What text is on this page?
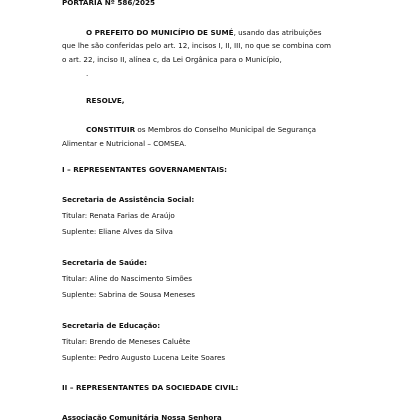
PORTARIA Nº 586/2025
O PREFEITO DO MUNICÍPIO DE SUMÉ, usando das atribuições
que lhe são conferidas pelo art. 12, incisos I, II, III, no que se combina com
o art. 22, inciso II, alínea c, da Lei Orgânica para o Município,
.
RESOLVE,
CONSTITUIR os Membros do Conselho Municipal de Segurança
Alimentar e Nutricional – COMSEA.
I – REPRESENTANTES GOVERNAMENTAIS:
Secretaria de Assistência Social:
Titular: Renata Farias de Araújo
Suplente: Eliane Alves da Silva
Secretaria de Saúde:
Titular: Aline do Nascimento Simões
Suplente: Sabrina de Sousa Meneses
Secretaria de Educação:
Titular: Brendo de Meneses Caluête
Suplente: Pedro Augusto Lucena Leite Soares
II – REPRESENTANTES DA SOCIEDADE CIVIL:
Associação Comunitária Nossa Senhora
